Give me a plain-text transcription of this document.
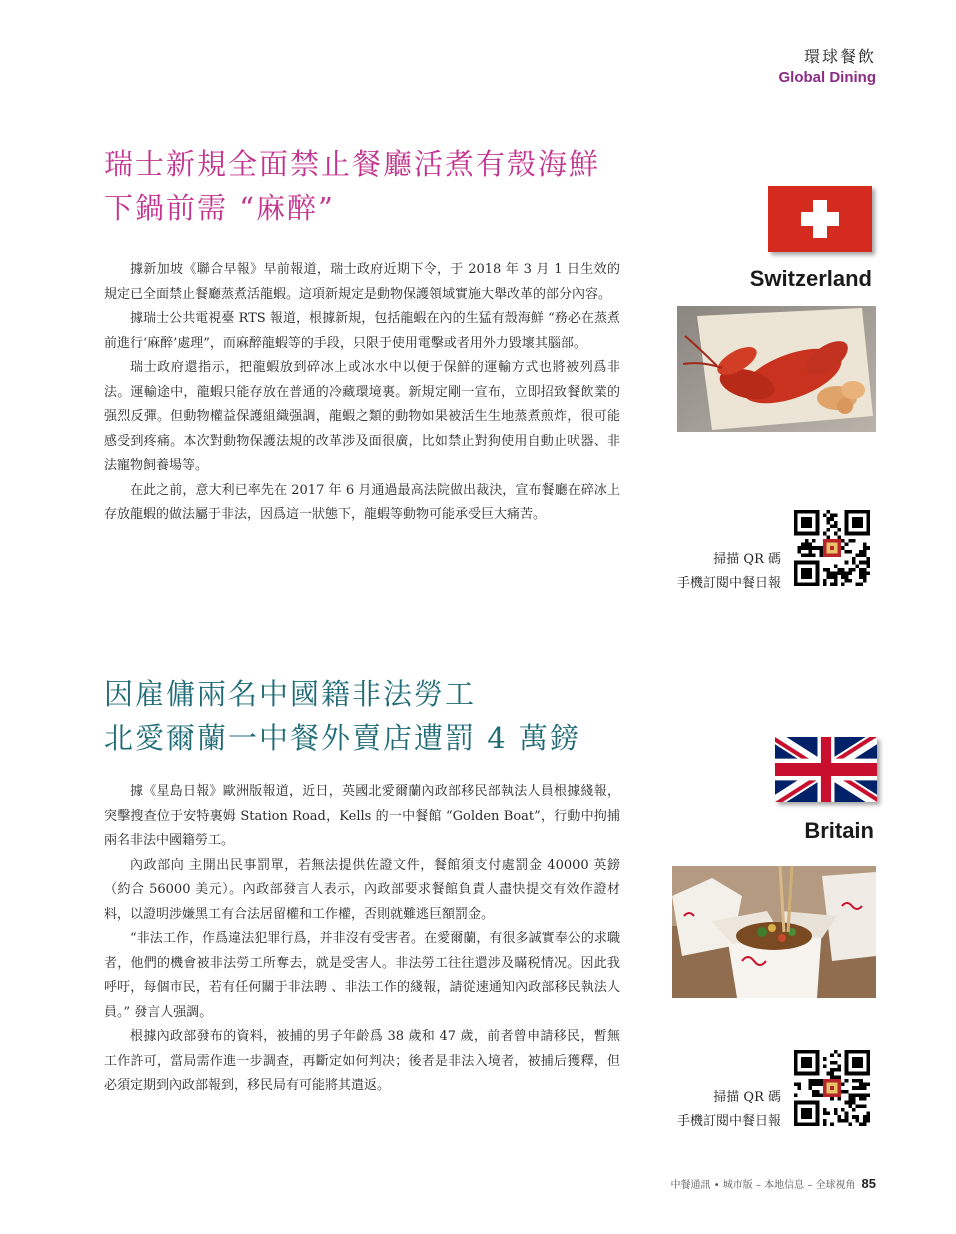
環球餐飲
Global Dining
瑞士新規全面禁止餐廳活煮有殼海鮮
下鍋前需 “麻醉”

據新加坡《聯合早報》早前報道，瑞士政府近期下令，于 2018 年 3 月 1 日生效的規定已全面禁止餐廳蒸煮活龍蝦。這項新規定是動物保護領域實施大舉改革的部分內容。

據瑞士公共電視臺 RTS 報道，根據新規，包括龍蝦在內的生猛有殼海鮮 “務必在蒸煮前進行‘麻醉’處理”，而麻醉龍蝦等的手段，只限于使用電擊或者用外力毀壞其腦部。

瑞士政府還指示，把龍蝦放到碎冰上或冰水中以便于保鮮的運輸方式也將被列爲非法。運輸途中，龍蝦只能存放在普通的冷藏環境裏。新規定剛一宣布，立即招致餐飲業的强烈反彈。但動物權益保護組織强調，龍蝦之類的動物如果被活生生地蒸煮煎炸，很可能感受到疼痛。本次對動物保護法規的改革涉及面很廣，比如禁止對狗使用自動止吠器、非法寵物飼養場等。

在此之前，意大利已率先在 2017 年 6 月通過最高法院做出裁決，宣布餐廳在碎冰上存放龍蝦的做法屬于非法，因爲這一狀態下，龍蝦等動物可能承受巨大痛苦。

Switzerland
掃描 QR 碼
手機訂閱中餐日報
因雇傭兩名中國籍非法勞工
北愛爾蘭一中餐外賣店遭罰 4 萬鎊

據《星島日報》歐洲版報道，近日，英國北愛爾蘭內政部移民部執法人員根據綫報，突擊搜查位于安特裏姆 Station Road，Kells 的一中餐館 “Golden Boat”，行動中拘捕兩名非法中國籍勞工。

內政部向 主開出民事罰單，若無法提供佐證文件，餐館須支付處罰金 40000 英鎊（約合 56000 美元）。內政部發言人表示，內政部要求餐館負責人盡快提交有效作證材料，以證明涉嫌黑工有合法居留權和工作權，否則就難逃巨額罰金。

“非法工作，作爲違法犯罪行爲，并非沒有受害者。在愛爾蘭，有很多誠實奉公的求職者，他們的機會被非法勞工所奪去，就是受害人。非法勞工往往還涉及瞞税情况。因此我呼吁，每個市民，若有任何關于非法聘 、非法工作的綫報，請從速通知內政部移民執法人員。” 發言人强調。

根據內政部發布的資料，被捕的男子年齡爲 38 歲和 47 歲，前者曾申請移民，暫無工作許可，當局需作進一步調查，再斷定如何判决；後者是非法入境者，被捕后獲釋，但必須定期到內政部報到，移民局有可能將其遣返。

Britain
掃描 QR 碼
手機訂閱中餐日報
中餐通訊 • 城市版 – 本地信息 – 全球視角 85
